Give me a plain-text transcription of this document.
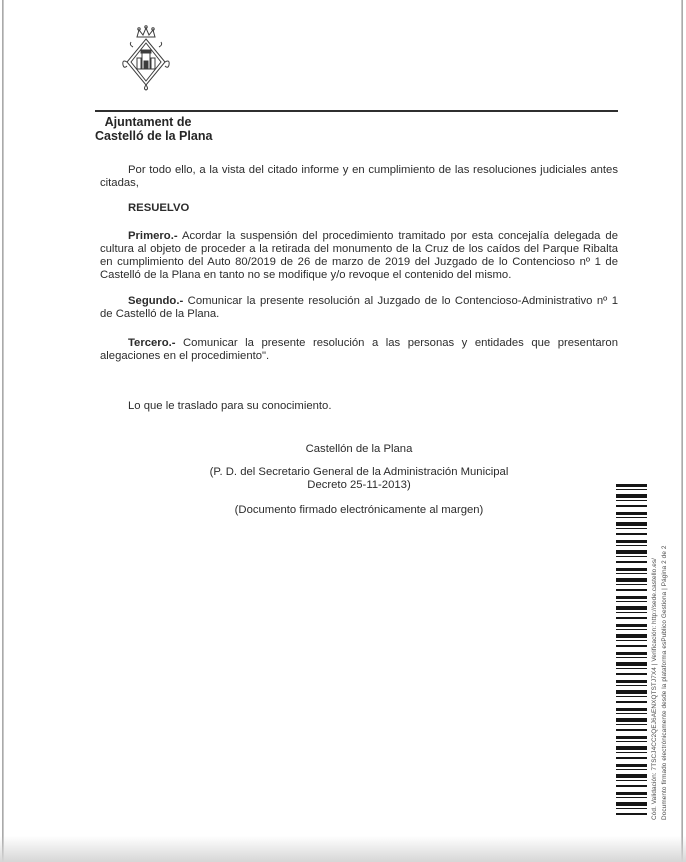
Ajuntament de
Castelló de la Plana

Por todo ello, a la vista del citado informe y en cumplimiento de las resoluciones judiciales antes citadas,

RESUELVO

Primero.- Acordar la suspensión del procedimiento tramitado por esta concejalía delegada de cultura al objeto de proceder a la retirada del monumento de la Cruz de los caídos del Parque Ribalta en cumplimiento del Auto 80/2019 de 26 de marzo de 2019 del Juzgado de lo Contencioso nº 1 de Castelló de la Plana en tanto no se modifique y/o revoque el contenido del mismo.

Segundo.- Comunicar la presente resolución al Juzgado de lo Contencioso-Administrativo nº 1 de Castelló de la Plana.

Tercero.- Comunicar la presente resolución a las personas y entidades que presentaron alegaciones en el procedimiento".

Lo que le traslado para su conocimiento.

Castellón de la Plana

(P. D. del Secretario General de la Administración Municipal
Decreto 25-11-2013)

(Documento firmado electrónicamente al margen)

Cód. Validación: 7TSCJ4CC2QEJ6AENXQTSTJ7X4 | Verificación: http://sede.castello.es/ Documento firmado electrónicamente desde la plataforma esPublico Gestiona | Página 2 de 2
